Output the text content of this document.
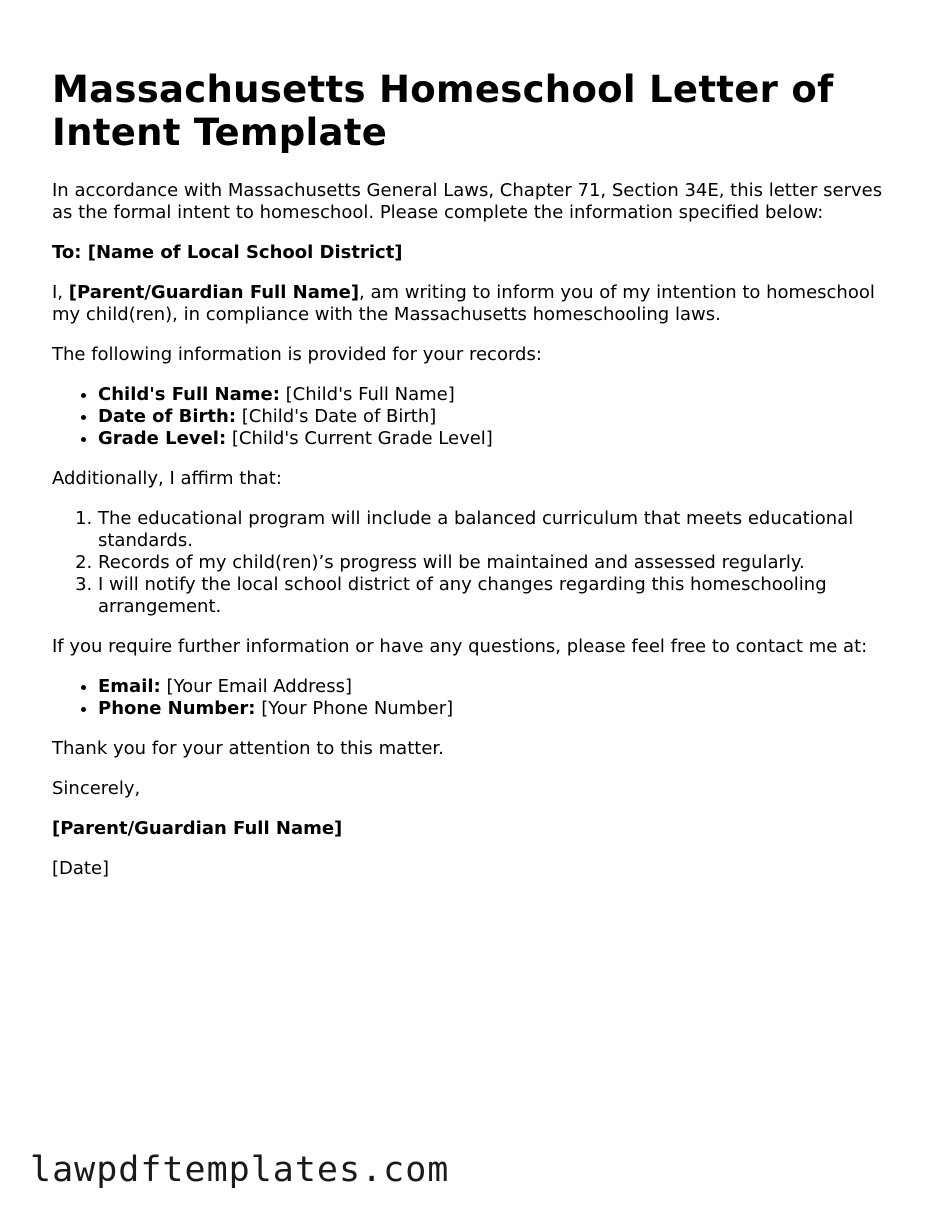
Massachusetts Homeschool Letter of Intent Template

In accordance with Massachusetts General Laws, Chapter 71, Section 34E, this letter serves as the formal intent to homeschool. Please complete the information specified below:

To: [Name of Local School District]

I, [Parent/Guardian Full Name], am writing to inform you of my intention to homeschool my child(ren), in compliance with the Massachusetts homeschooling laws.

The following information is provided for your records:

• Child's Full Name: [Child's Full Name]
• Date of Birth: [Child's Date of Birth]
• Grade Level: [Child's Current Grade Level]

Additionally, I affirm that:

1. The educational program will include a balanced curriculum that meets educational standards.
2. Records of my child(ren)’s progress will be maintained and assessed regularly.
3. I will notify the local school district of any changes regarding this homeschooling arrangement.

If you require further information or have any questions, please feel free to contact me at:

• Email: [Your Email Address]
• Phone Number: [Your Phone Number]

Thank you for your attention to this matter.

Sincerely,

[Parent/Guardian Full Name]

[Date]

lawpdftemplates.com
